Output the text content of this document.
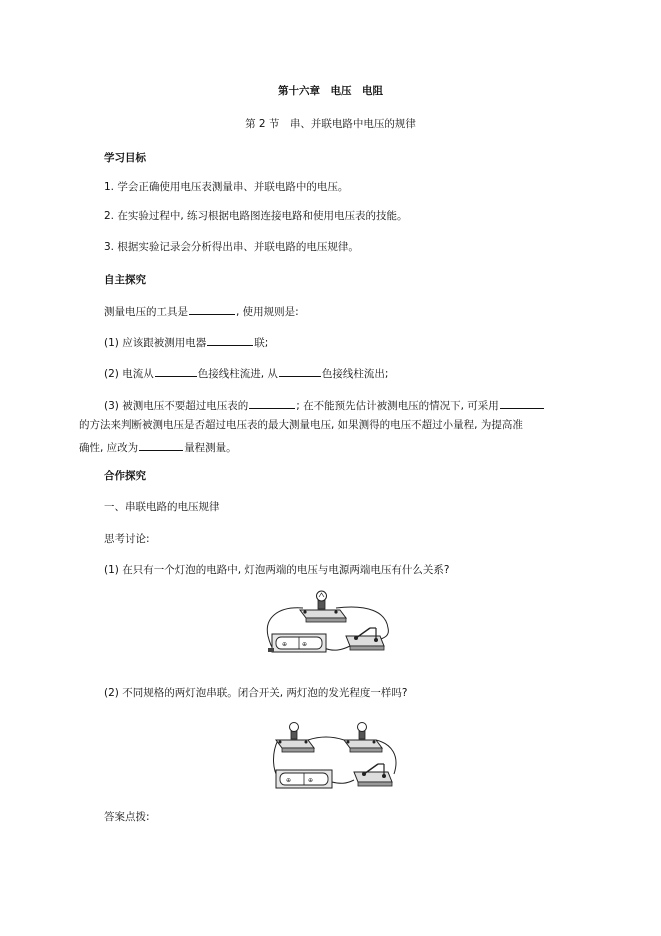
第十六章　电压　电阻
第 2 节　串、并联电路中电压的规律
学习目标
1. 学会正确使用电压表测量串、并联电路中的电压。
2. 在实验过程中, 练习根据电路图连接电路和使用电压表的技能。
3. 根据实验记录会分析得出串、并联电路的电压规律。
自主探究
测量电压的工具是	, 使用规则是:
(1) 应该跟被测用电器	联;
(2) 电流从	色接线柱流进, 从	色接线柱流出;
(3) 被测电压不要超过电压表的	; 在不能预先估计被测电压的情况下, 可采用
的方法来判断被测电压是否超过电压表的最大测量电压, 如果测得的电压不超过小量程, 为提高准
确性, 应改为	量程测量。
合作探究
一、串联电路的电压规律
思考讨论:
(1) 在只有一个灯泡的电路中, 灯泡两端的电压与电源两端电压有什么关系?
⊕ ⊕
(2) 不同规格的两灯泡串联。闭合开关, 两灯泡的发光程度一样吗?
⊕	⊕
答案点拨:
